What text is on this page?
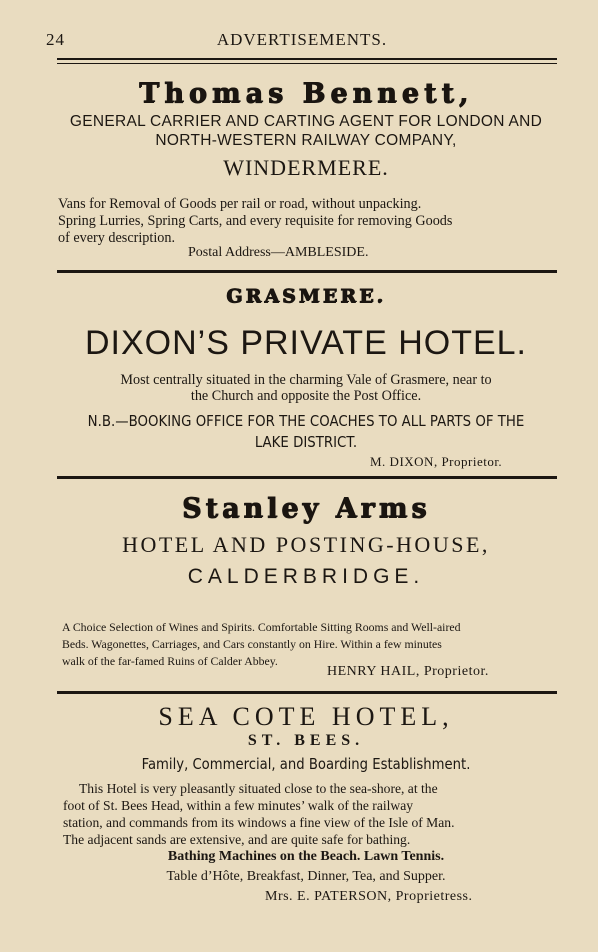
24	ADVERTISEMENTS.
Thomas Bennett,
GENERAL CARRIER AND CARTING AGENT FOR LONDON AND
NORTH-WESTERN RAILWAY COMPANY,
WINDERMERE.
Vans for Removal of Goods per rail or road, without unpacking.
Spring Lurries, Spring Carts, and every requisite for removing Goods
of every description.
Postal Address—AMBLESIDE.
GRASMERE.
DIXON’S PRIVATE HOTEL.
Most centrally situated in the charming Vale of Grasmere, near to
the Church and opposite the Post Office.
N.B.—BOOKING OFFICE FOR THE COACHES TO ALL PARTS OF THE
LAKE DISTRICT.
M. DIXON, Proprietor.
Stanley Arms
HOTEL AND POSTING-HOUSE,
CALDERBRIDGE.
A Choice Selection of Wines and Spirits. Comfortable Sitting Rooms and Well-aired
Beds. Wagonettes, Carriages, and Cars constantly on Hire. Within a few minutes
walk of the far-famed Ruins of Calder Abbey.
HENRY HAIL, Proprietor.
SEA COTE HOTEL,
ST. BEES.
Family, Commercial, and Boarding Establishment.
This Hotel is very pleasantly situated close to the sea-shore, at the
foot of St. Bees Head, within a few minutes’ walk of the railway
station, and commands from its windows a fine view of the Isle of Man.
The adjacent sands are extensive, and are quite safe for bathing.
Bathing Machines on the Beach. Lawn Tennis.
Table d’Hôte, Breakfast, Dinner, Tea, and Supper.
Mrs. E. PATERSON, Proprietress.
